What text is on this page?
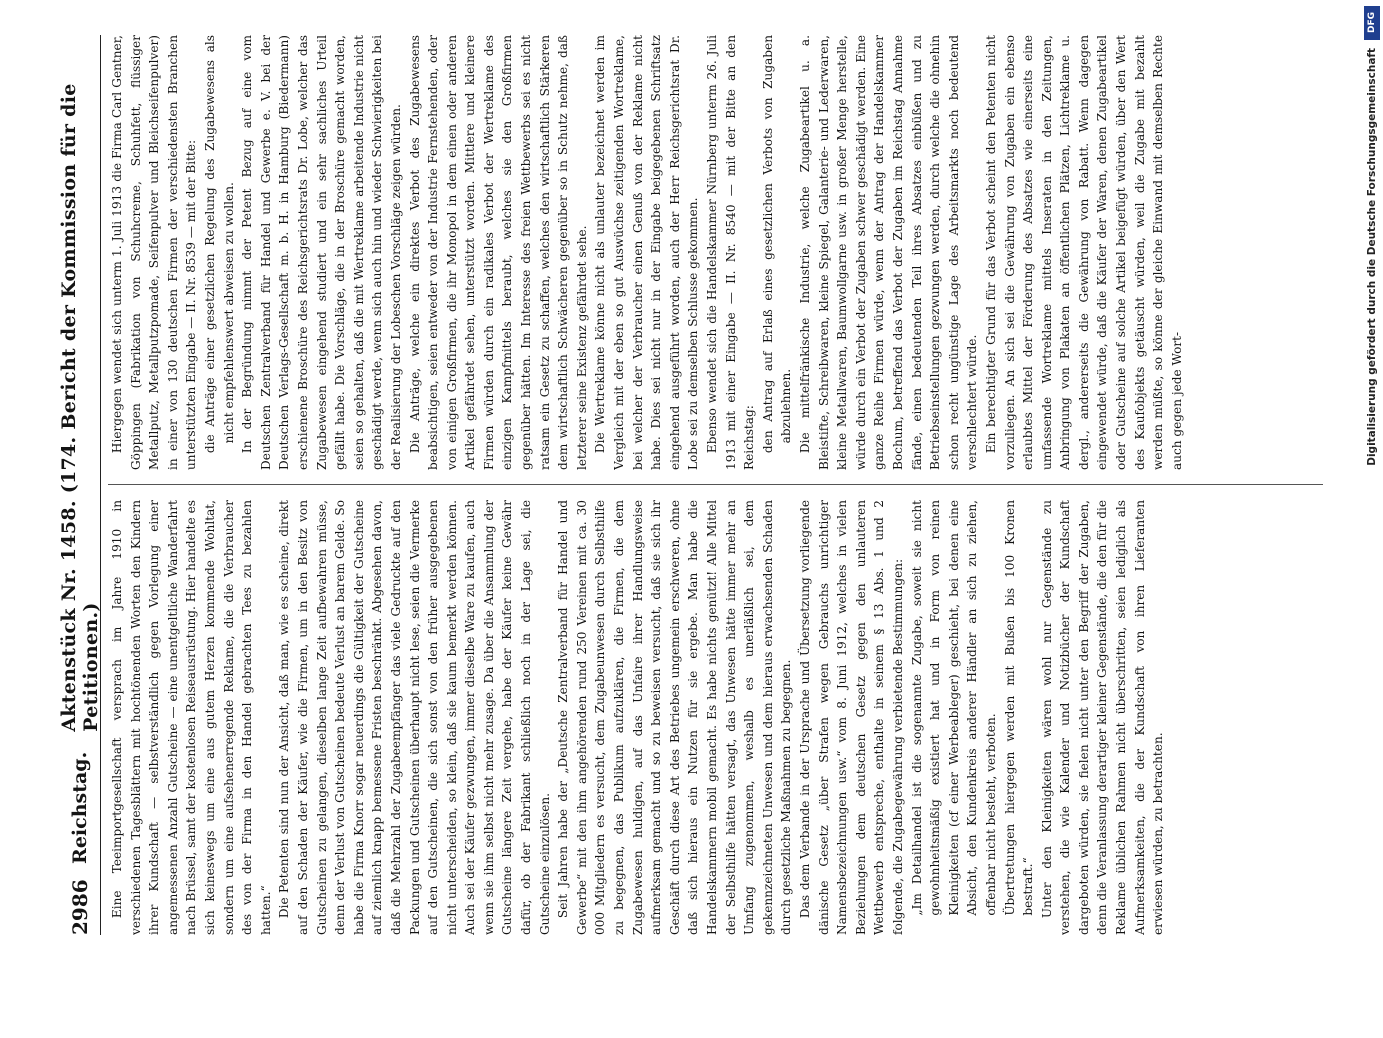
2986
Reichstag.
Aktenstück Nr. 1458. (174. Bericht der Kommission für die Petitionen.) Eine Teeimportgesellschaft versprach im Jahre 1910 in verschiedenen Tagesblättern mit hochtönenden Worten den Kindern ihrer Kundschaft — selbstverständlich gegen Vorlegung einer angemessenen Anzahl Gutscheine — eine unentgeltliche Wanderfahrt nach Brüssel, samt der kostenlosen Reiseausrüstung. Hier handelte es sich keineswegs um eine aus gutem Herzen kommende Wohltat, sondern um eine aufsehenerregende Reklame, die die Verbraucher des von der Firma in den Handel gebrachten Tees zu bezahlen hatten.“ Die Petenten sind nun der Ansicht, daß man, wie es scheine, direkt auf den Schaden der Käufer, wie die Firmen, um in den Besitz von Gutscheinen zu gelangen, dieselben lange Zeit aufbewahren müsse, denn der Verlust von Gutscheinen bedeute Verlust an barem Gelde. So habe die Firma Knorr sogar neuerdings die Gültigkeit der Gutscheine auf ziemlich knapp bemessene Fristen beschränkt. Abgesehen davon, daß die Mehrzahl der Zugabeempfänger das viele Gedruckte auf den Packungen und Gutscheinen überhaupt nicht lese, seien die Vermerke auf den Gutscheinen, die sich sonst von den früher ausgegebenen nicht unterscheiden, so klein, daß sie kaum bemerkt werden können. Auch sei der Käufer gezwungen, immer dieselbe Ware zu kaufen, auch wenn sie ihm selbst nicht mehr zusage. Da über die Ansammlung der Gutscheine längere Zeit vergehe, habe der Käufer keine Gewähr dafür, ob der Fabrikant schließlich noch in der Lage sei, die Gutscheine einzulösen. Seit Jahren habe der „Deutsche Zentralverband für Handel und Gewerbe“ mit den ihm angehörenden rund 250 Vereinen mit ca. 30 000 Mitgliedern es versucht, dem Zugabeunwesen durch Selbsthilfe zu begegnen, das Publikum aufzuklären, die Firmen, die dem Zugabewesen huldigen, auf das Unfaire ihrer Handlungsweise aufmerksam gemacht und so zu beweisen versucht, daß sie sich ihr Geschäft durch diese Art des Betriebes ungemein erschweren, ohne daß sich hieraus ein Nutzen für sie ergebe. Man habe die Handelskammern mobil gemacht. Es habe nichts genützt! Alle Mittel der Selbsthilfe hätten versagt, das Unwesen hätte immer mehr an Umfang zugenommen, weshalb es unerläßlich sei, dem gekennzeichneten Unwesen und dem hieraus erwachsenden Schaden durch gesetzliche Maßnahmen zu begegnen. Das dem Verbande in der Ursprache und Übersetzung vorliegende dänische Gesetz „über Strafen wegen Gebrauchs unrichtiger Namensbezeichnungen usw.“ vom 8. Juni 1912, welches in vielen Beziehungen dem deutschen Gesetz gegen den unlauteren Wettbewerb entspreche, enthalte in seinem § 13 Abs. 1 und 2 folgende, die Zugabegewährung verbietende Bestimmungen: „Im Detailhandel ist die sogenannte Zugabe, soweit sie nicht gewohnheitsmäßig existiert hat und in Form von reinen Kleinigkeiten (cf einer Werbeableger) geschieht, bei denen eine Absicht, den Kundenkreis anderer Händler an sich zu ziehen, offenbar nicht besteht, verboten. Übertretungen hiergegen werden mit Bußen bis 100 Kronen bestraft.“ Unter den Kleinigkeiten wären wohl nur Gegenstände zu verstehen, die wie Kalender und Notizbücher der Kundschaft dargeboten würden, sie fielen nicht unter den Begriff der Zugaben, denn die Veranlassung derartiger kleiner Gegenstände, die den für die Reklame üblichen Rahmen nicht überschritten, seien lediglich als Aufmerksamkeiten, die der Kundschaft von ihren Lieferanten erwiesen würden, zu betrachten.

Hiergegen wendet sich unterm 1. Juli 1913 die Firma Carl Gentner, Göppingen (Fabrikation von Schuhcreme, Schuhfett, flüssiger Metallputz, Metallputzpomade, Seifenpulver und Bleichseifenpulver) in einer von 130 deutschen Firmen der verschiedensten Branchen unterstützten Eingabe — II. Nr. 8539 — mit der Bitte: die Anträge einer gesetzlichen Regelung des Zugabewesens als nicht empfehlenswert abweisen zu wollen. In der Begründung nimmt der Petent Bezug auf eine vom Deutschen Zentralverband für Handel und Gewerbe e. V. bei der Deutschen Verlags-Gesellschaft m. b. H. in Hamburg (Biedermann) erschienene Broschüre des Reichsgerichtsrats Dr. Lobe, welcher das Zugabewesen eingehend studiert und ein sehr sachliches Urteil gefällt habe. Die Vorschläge, die in der Broschüre gemacht worden, seien so gehalten, daß die mit Wertreklame arbeitende Industrie nicht geschädigt werde, wenn sich auch hin und wieder Schwierigkeiten bei der Realisierung der Lobeschen Vorschläge zeigen würden. Die Anträge, welche ein direktes Verbot des Zugabewesens beabsichtigen, seien entweder von der Industrie Fernstehenden, oder von einigen Großfirmen, die ihr Monopol in dem einen oder anderen Artikel gefährdet sehen, unterstützt worden. Mittlere und kleinere Firmen würden durch ein radikales Verbot der Wertreklame des einzigen Kampfmittels beraubt, welches sie den Großfirmen gegenüber hätten. Im Interesse des freien Wettbewerbs sei es nicht ratsam ein Gesetz zu schaffen, welches den wirtschaftlich Stärkeren dem wirtschaftlich Schwächeren gegenüber so in Schutz nehme, daß letzterer seine Existenz gefährdet sehe. Die Wertreklame könne nicht als unlauter bezeichnet werden im Vergleich mit der eben so gut Auswüchse zeitigenden Wortreklame, bei welcher der Verbraucher einen Genuß von der Reklame nicht habe. Dies sei nicht nur in der Eingabe beigegebenen Schriftsatz eingehend ausgeführt worden, auch der Herr Reichsgerichtsrat Dr. Lobe sei zu demselben Schlusse gekommen. Ebenso wendet sich die Handelskammer Nürnberg unterm 26. Juli 1913 mit einer Eingabe — II. Nr. 8540 — mit der Bitte an den Reichstag: den Antrag auf Erlaß eines gesetzlichen Verbots von Zugaben abzulehnen. Die mittelfränkische Industrie, welche Zugabeartikel u. a. Bleistifte, Schreibwaren, kleine Spiegel, Galanterie- und Lederwaren, kleine Metallwaren, Baumwollgarne usw. in großer Menge herstelle, würde durch ein Verbot der Zugaben schwer geschädigt werden. Eine ganze Reihe Firmen würde, wenn der Antrag der Handelskammer Bochum, betreffend das Verbot der Zugaben im Reichstag Annahme fände, einen bedeutenden Teil ihres Absatzes einbüßen und zu Betriebseinstellungen gezwungen werden, durch welche die ohnehin schon recht ungünstige Lage des Arbeitsmarkts noch bedeutend verschlechtert würde. Ein berechtigter Grund für das Verbot scheint den Petenten nicht vorzuliegen. An sich sei die Gewährung von Zugaben ein ebenso erlaubtes Mittel der Förderung des Absatzes wie einerseits eine umfassende Wortreklame mittels Inseraten in den Zeitungen, Anbringung von Plakaten an öffentlichen Plätzen, Lichtreklame u. dergl., andererseits die Gewährung von Rabatt. Wenn dagegen eingewendet würde, daß die Käufer der Waren, denen Zugabeartikel oder Gutscheine auf solche Artikel beigefügt würden, über den Wert des Kaufobjekts getäuscht würden, weil die Zugabe mit bezahlt werden müßte, so könne der gleiche Einwand mit demselben Rechte auch gegen jede Wort-

DFG
Digitalisierung gefördert durch die Deutsche Forschungsgemeinschaft
